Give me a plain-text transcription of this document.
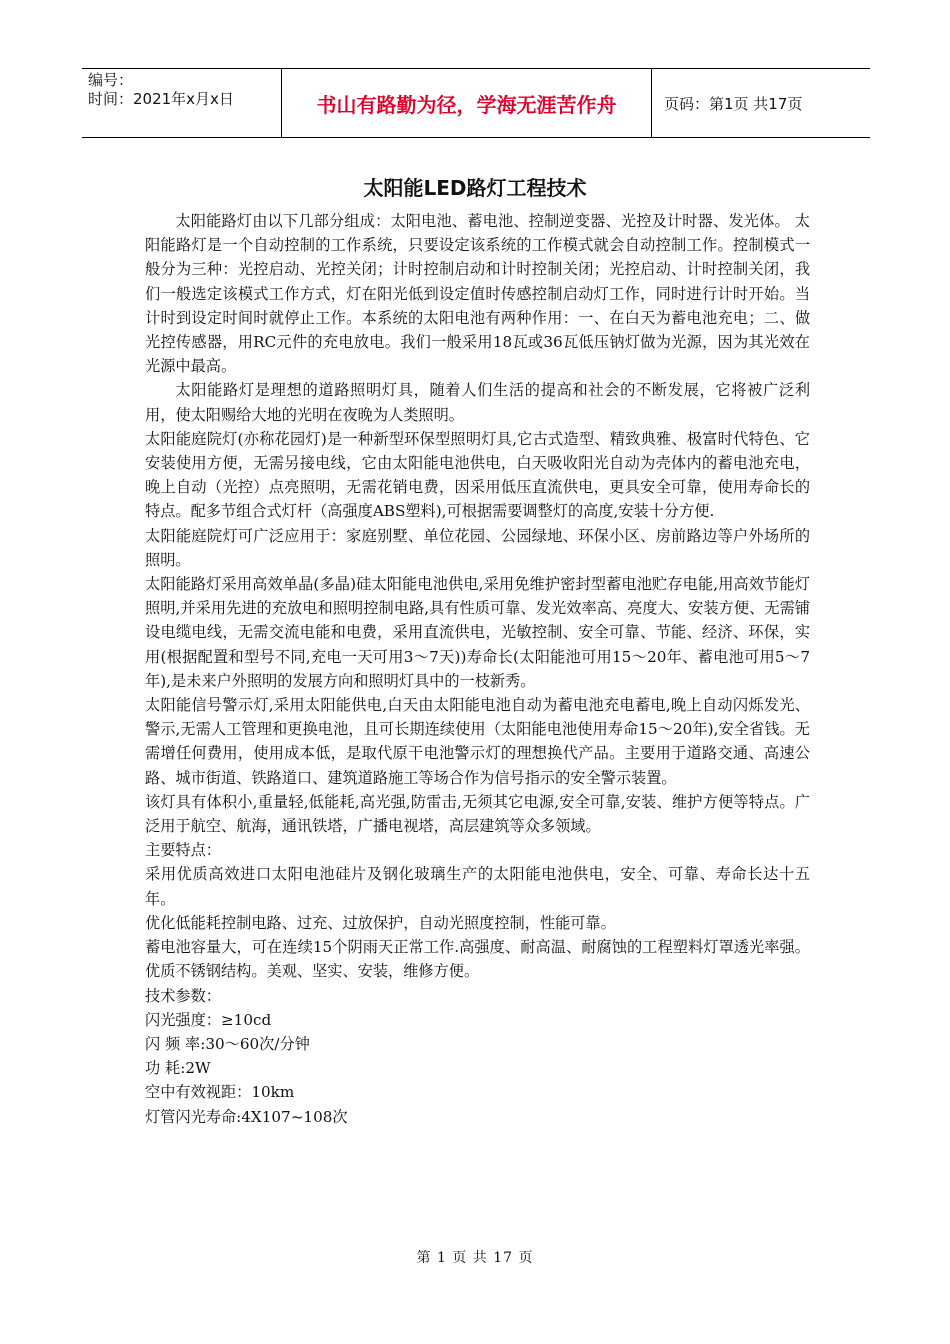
编号：
时间：2021年x月x日	书山有路勤为径，学海无涯苦作舟	页码：第1页 共17页
太阳能LED路灯工程技术

太阳能路灯由以下几部分组成：太阳电池、蓄电池、控制逆变器、光控及计时器、发光体。 太阳能路灯是一个自动控制的工作系统，只要设定该系统的工作模式就会自动控制工作。控制模式一般分为三种：光控启动、光控关闭；计时控制启动和计时控制关闭；光控启动、计时控制关闭，我们一般选定该模式工作方式，灯在阳光低到设定值时传感控制启动灯工作，同时进行计时开始。当计时到设定时间时就停止工作。本系统的太阳电池有两种作用：一、在白天为蓄电池充电；二、做光控传感器，用RC元件的充电放电。我们一般采用18瓦或36瓦低压钠灯做为光源，因为其光效在光源中最高。

太阳能路灯是理想的道路照明灯具，随着人们生活的提高和社会的不断发展，它将被广泛利用，使太阳赐给大地的光明在夜晚为人类照明。

太阳能庭院灯(亦称花园灯)是一种新型环保型照明灯具,它古式造型、精致典雅、极富时代特色、它安装使用方便，无需另接电线，它由太阳能电池供电，白天吸收阳光自动为壳体内的蓄电池充电，晚上自动（光控）点亮照明，无需花销电费，因采用低压直流供电，更具安全可靠，使用寿命长的特点。配多节组合式灯杆（高强度ABS塑料),可根据需要调整灯的高度,安装十分方便.

太阳能庭院灯可广泛应用于：家庭别墅、单位花园、公园绿地、环保小区、房前路边等户外场所的照明。

太阳能路灯采用高效单晶(多晶)硅太阳能电池供电,采用免维护密封型蓄电池贮存电能,用高效节能灯照明,并采用先进的充放电和照明控制电路,具有性质可靠、发光效率高、亮度大、安装方便、无需铺设电缆电线，无需交流电能和电费，采用直流供电，光敏控制、安全可靠、节能、经济、环保，实用(根据配置和型号不同,充电一天可用3～7天))寿命长(太阳能池可用15～20年、蓄电池可用5～7年),是未来户外照明的发展方向和照明灯具中的一枝新秀。

太阳能信号警示灯,采用太阳能供电,白天由太阳能电池自动为蓄电池充电蓄电,晚上自动闪烁发光、警示,无需人工管理和更换电池，且可长期连续使用（太阳能电池使用寿命15～20年),安全省钱。无需增任何费用，使用成本低，是取代原干电池警示灯的理想换代产品。主要用于道路交通、高速公路、城市街道、铁路道口、建筑道路施工等场合作为信号指示的安全警示装置。

该灯具有体积小,重量轻,低能耗,高光强,防雷击,无须其它电源,安全可靠,安装、维护方便等特点。广泛用于航空、航海，通讯铁塔，广播电视塔，高层建筑等众多领域。

主要特点：

采用优质高效进口太阳电池硅片及钢化玻璃生产的太阳能电池供电，安全、可靠、寿命长达十五年。

优化低能耗控制电路、过充、过放保护，自动光照度控制，性能可靠。

蓄电池容量大，可在连续15个阴雨天正常工作.高强度、耐高温、耐腐蚀的工程塑料灯罩透光率强。优质不锈钢结构。美观、坚实、安装，维修方便。

技术参数：

闪光强度：≥10cd

闪 频 率:30～60次/分钟

功 耗:2W

空中有效视距：10km

灯管闪光寿命:4X107~108次

第 1 页 共 17 页
